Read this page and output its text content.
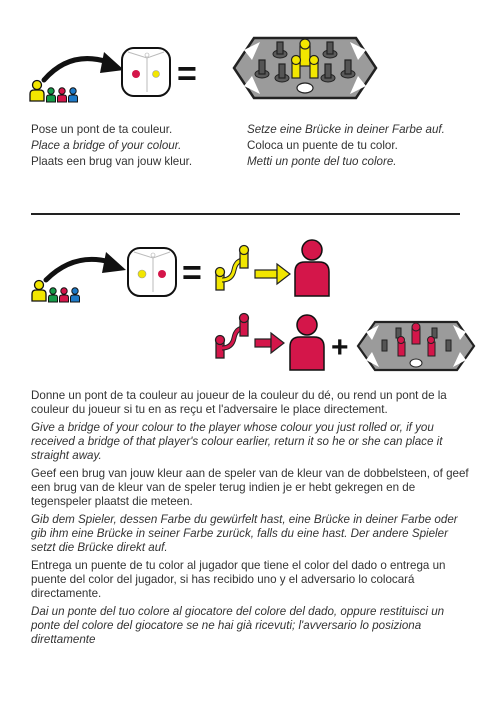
=
Pose un pont de ta couleur.	Setze eine Brücke in deiner Farbe auf.
Place a bridge of your colour.	Coloca un puente de tu color.
Plaats een brug van jouw kleur.	Metti un ponte del tuo colore.
=
+

Donne un pont de ta couleur au joueur de la couleur du dé, ou rend un pont de la couleur du joueur si tu en as reçu et l'adversaire le place directement.

Give a bridge of your colour to the player whose colour you just rolled or, if you received a bridge of that player's colour earlier, return it so he or she can place it straight away.

Geef een brug van jouw kleur aan de speler van de kleur van de dobbelsteen, of geef een brug van de kleur van de speler terug indien je er hebt gekregen en de tegenspeler plaatst die meteen.

Gib dem Spieler, dessen Farbe du gewürfelt hast, eine Brücke in deiner Farbe oder gib ihm eine Brücke in seiner Farbe zurück, falls du eine hast. Der andere Spieler setzt die Brücke direkt auf.

Entrega un puente de tu color al jugador que tiene el color del dado o entrega un puente del color del jugador, si has recibido uno y el adversario lo colocará directamente.

Dai un ponte del tuo colore al giocatore del colore del dado, oppure restituisci un ponte del colore del giocatore se ne hai già ricevuti; l'avversario lo posiziona direttamente
